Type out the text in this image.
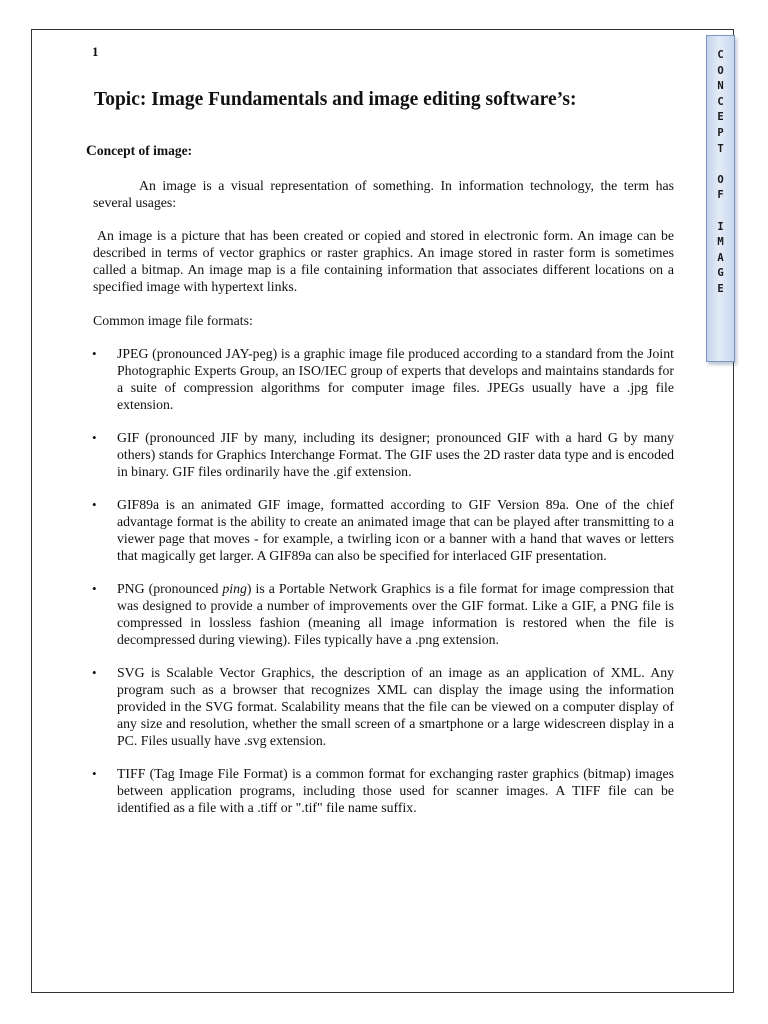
1
Topic: Image Fundamentals and image editing software’s:
Concept of image:

An image is a visual representation of something. In information technology, the term has several usages:

An image is a picture that has been created or copied and stored in electronic form. An image can be described in terms of vector graphics or raster graphics. An image stored in raster form is sometimes called a bitmap. An image map is a file containing information that associates different locations on a specified image with hypertext links.

Common image file formats:

• JPEG (pronounced JAY-peg) is a graphic image file produced according to a standard from the Joint Photographic Experts Group, an ISO/IEC group of experts that develops and maintains standards for a suite of compression algorithms for computer image files. JPEGs usually have a .jpg file extension.
• GIF (pronounced JIF by many, including its designer; pronounced GIF with a hard G by many others) stands for Graphics Interchange Format. The GIF uses the 2D raster data type and is encoded in binary. GIF files ordinarily have the .gif extension.
• GIF89a is an animated GIF image, formatted according to GIF Version 89a. One of the chief advantage format is the ability to create an animated image that can be played after transmitting to a viewer page that moves - for example, a twirling icon or a banner with a hand that waves or letters that magically get larger. A GIF89a can also be specified for interlaced GIF presentation.
• PNG (pronounced ping) is a Portable Network Graphics is a file format for image compression that was designed to provide a number of improvements over the GIF format. Like a GIF, a PNG file is compressed in lossless fashion (meaning all image information is restored when the file is decompressed during viewing). Files typically have a .png extension.
• SVG is Scalable Vector Graphics, the description of an image as an application of XML. Any program such as a browser that recognizes XML can display the image using the information provided in the SVG format. Scalability means that the file can be viewed on a computer display of any size and resolution, whether the small screen of a smartphone or a large widescreen display in a PC. Files usually have .svg extension.
• TIFF (Tag Image File Format) is a common format for exchanging raster graphics (bitmap) images between application programs, including those used for scanner images. A TIFF file can be identified as a file with a .tiff or ".tif" file name suffix.
C
O
N
C
E
P
T

O
F

I
M
A
G
E
